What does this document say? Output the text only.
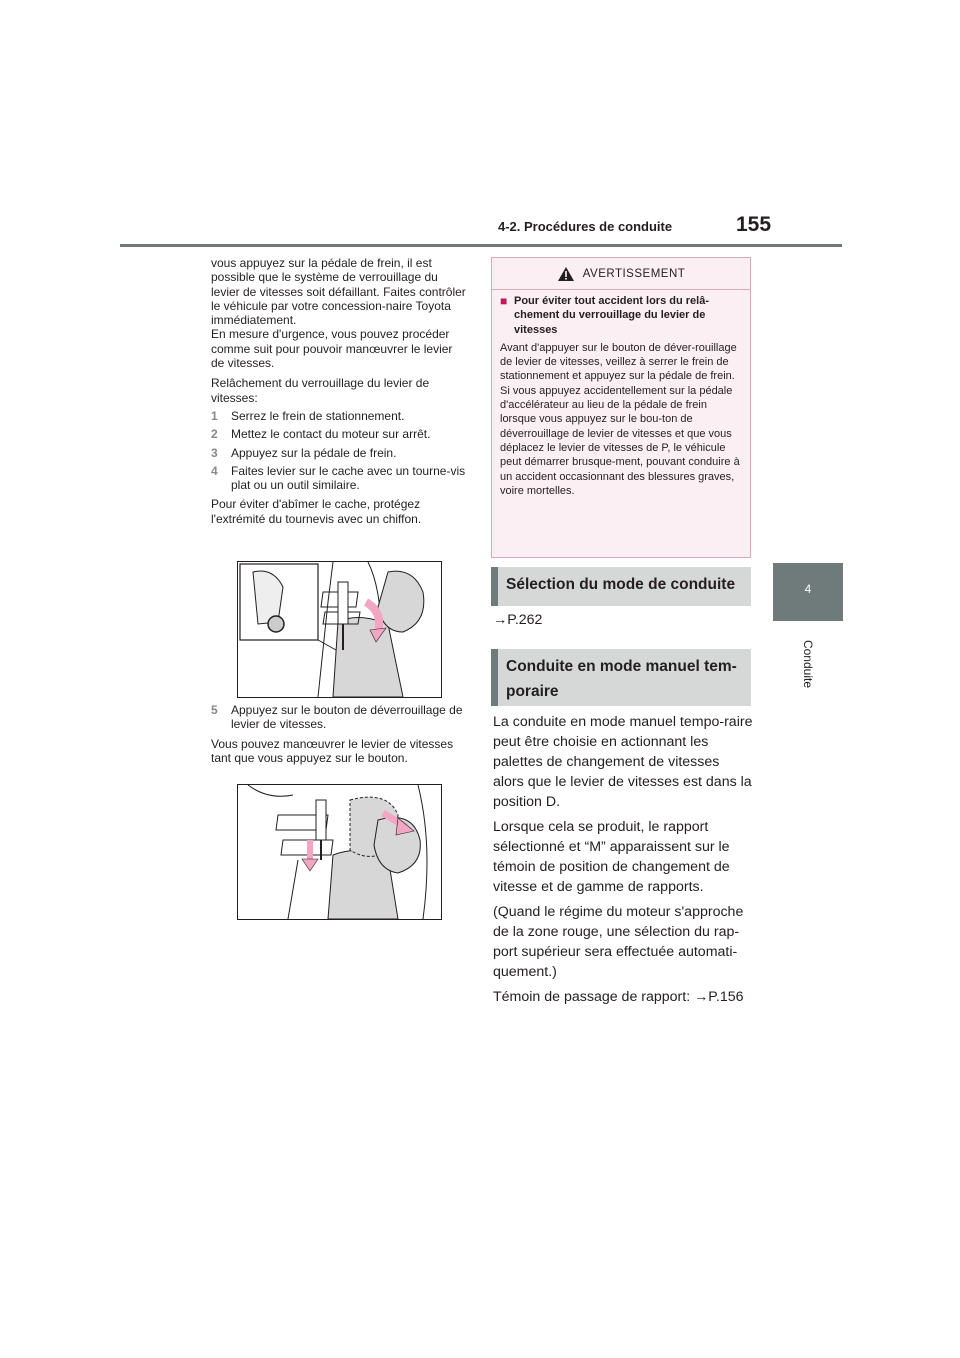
4-2. Procédures de conduite	155
4
Conduite

vous appuyez sur la pédale de frein, il est possible que le système de verrouillage du levier de vitesses soit défaillant. Faites contrôler le véhicule par votre concession-naire Toyota immédiatement.

En mesure d'urgence, vous pouvez procéder comme suit pour pouvoir manœuvrer le levier de vitesses.

Relâchement du verrouillage du levier de vitesses:

1	Serrez le frein de stationnement.
2	Mettez le contact du moteur sur arrêt.
3	Appuyez sur la pédale de frein.
4	Faites levier sur le cache avec un tourne-vis plat ou un outil similaire.

Pour éviter d'abîmer le cache, protégez l'extrémité du tournevis avec un chiffon.

5	Appuyez sur le bouton de déverrouillage de levier de vitesses.

Vous pouvez manœuvrer le levier de vitesses tant que vous appuyez sur le bouton.

AVERTISSEMENT
■ Pour éviter tout accident lors du relâ-chement du verrouillage du levier de vitesses
Avant d'appuyer sur le bouton de déver-rouillage de levier de vitesses, veillez à serrer le frein de stationnement et appuyez sur la pédale de frein.
Si vous appuyez accidentellement sur la pédale d'accélérateur au lieu de la pédale de frein lorsque vous appuyez sur le bou-ton de déverrouillage de levier de vitesses et que vous déplacez le levier de vitesses de P, le véhicule peut démarrer brusque-ment, pouvant conduire à un accident occasionnant des blessures graves, voire mortelles.
Sélection du mode de conduite
→P.262
Conduite en mode manuel tem-poraire

La conduite en mode manuel tempo-raire peut être choisie en actionnant les palettes de changement de vitesses alors que le levier de vitesses est dans la position D.

Lorsque cela se produit, le rapport sélectionné et “M” apparaissent sur le témoin de position de changement de vitesse et de gamme de rapports.

(Quand le régime du moteur s'approche de la zone rouge, une sélection du rap-port supérieur sera effectuée automati-quement.)

Témoin de passage de rapport: →P.156
